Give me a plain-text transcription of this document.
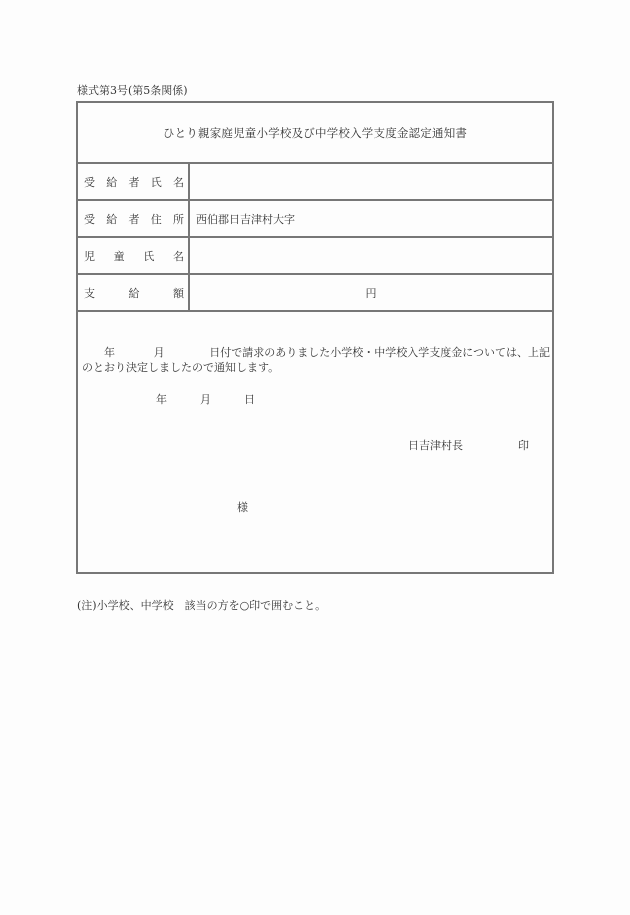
様式第3号(第5条関係)
ひとり親家庭児童小学校及び中学校入学支度金認定通知書
受 給 者 氏 名
受 給 者 住 所 西伯郡日吉津村大字
児 童 氏 名
支	給	額	円
　　年	月	日付で請求のありました小学校・中学校入学支度金については、上記
のとおり決定しましたので通知します。
年　　　月　　　日
日吉津村長　　　　　印
様
(注)小学校、中学校　該当の方を○印で囲むこと。
